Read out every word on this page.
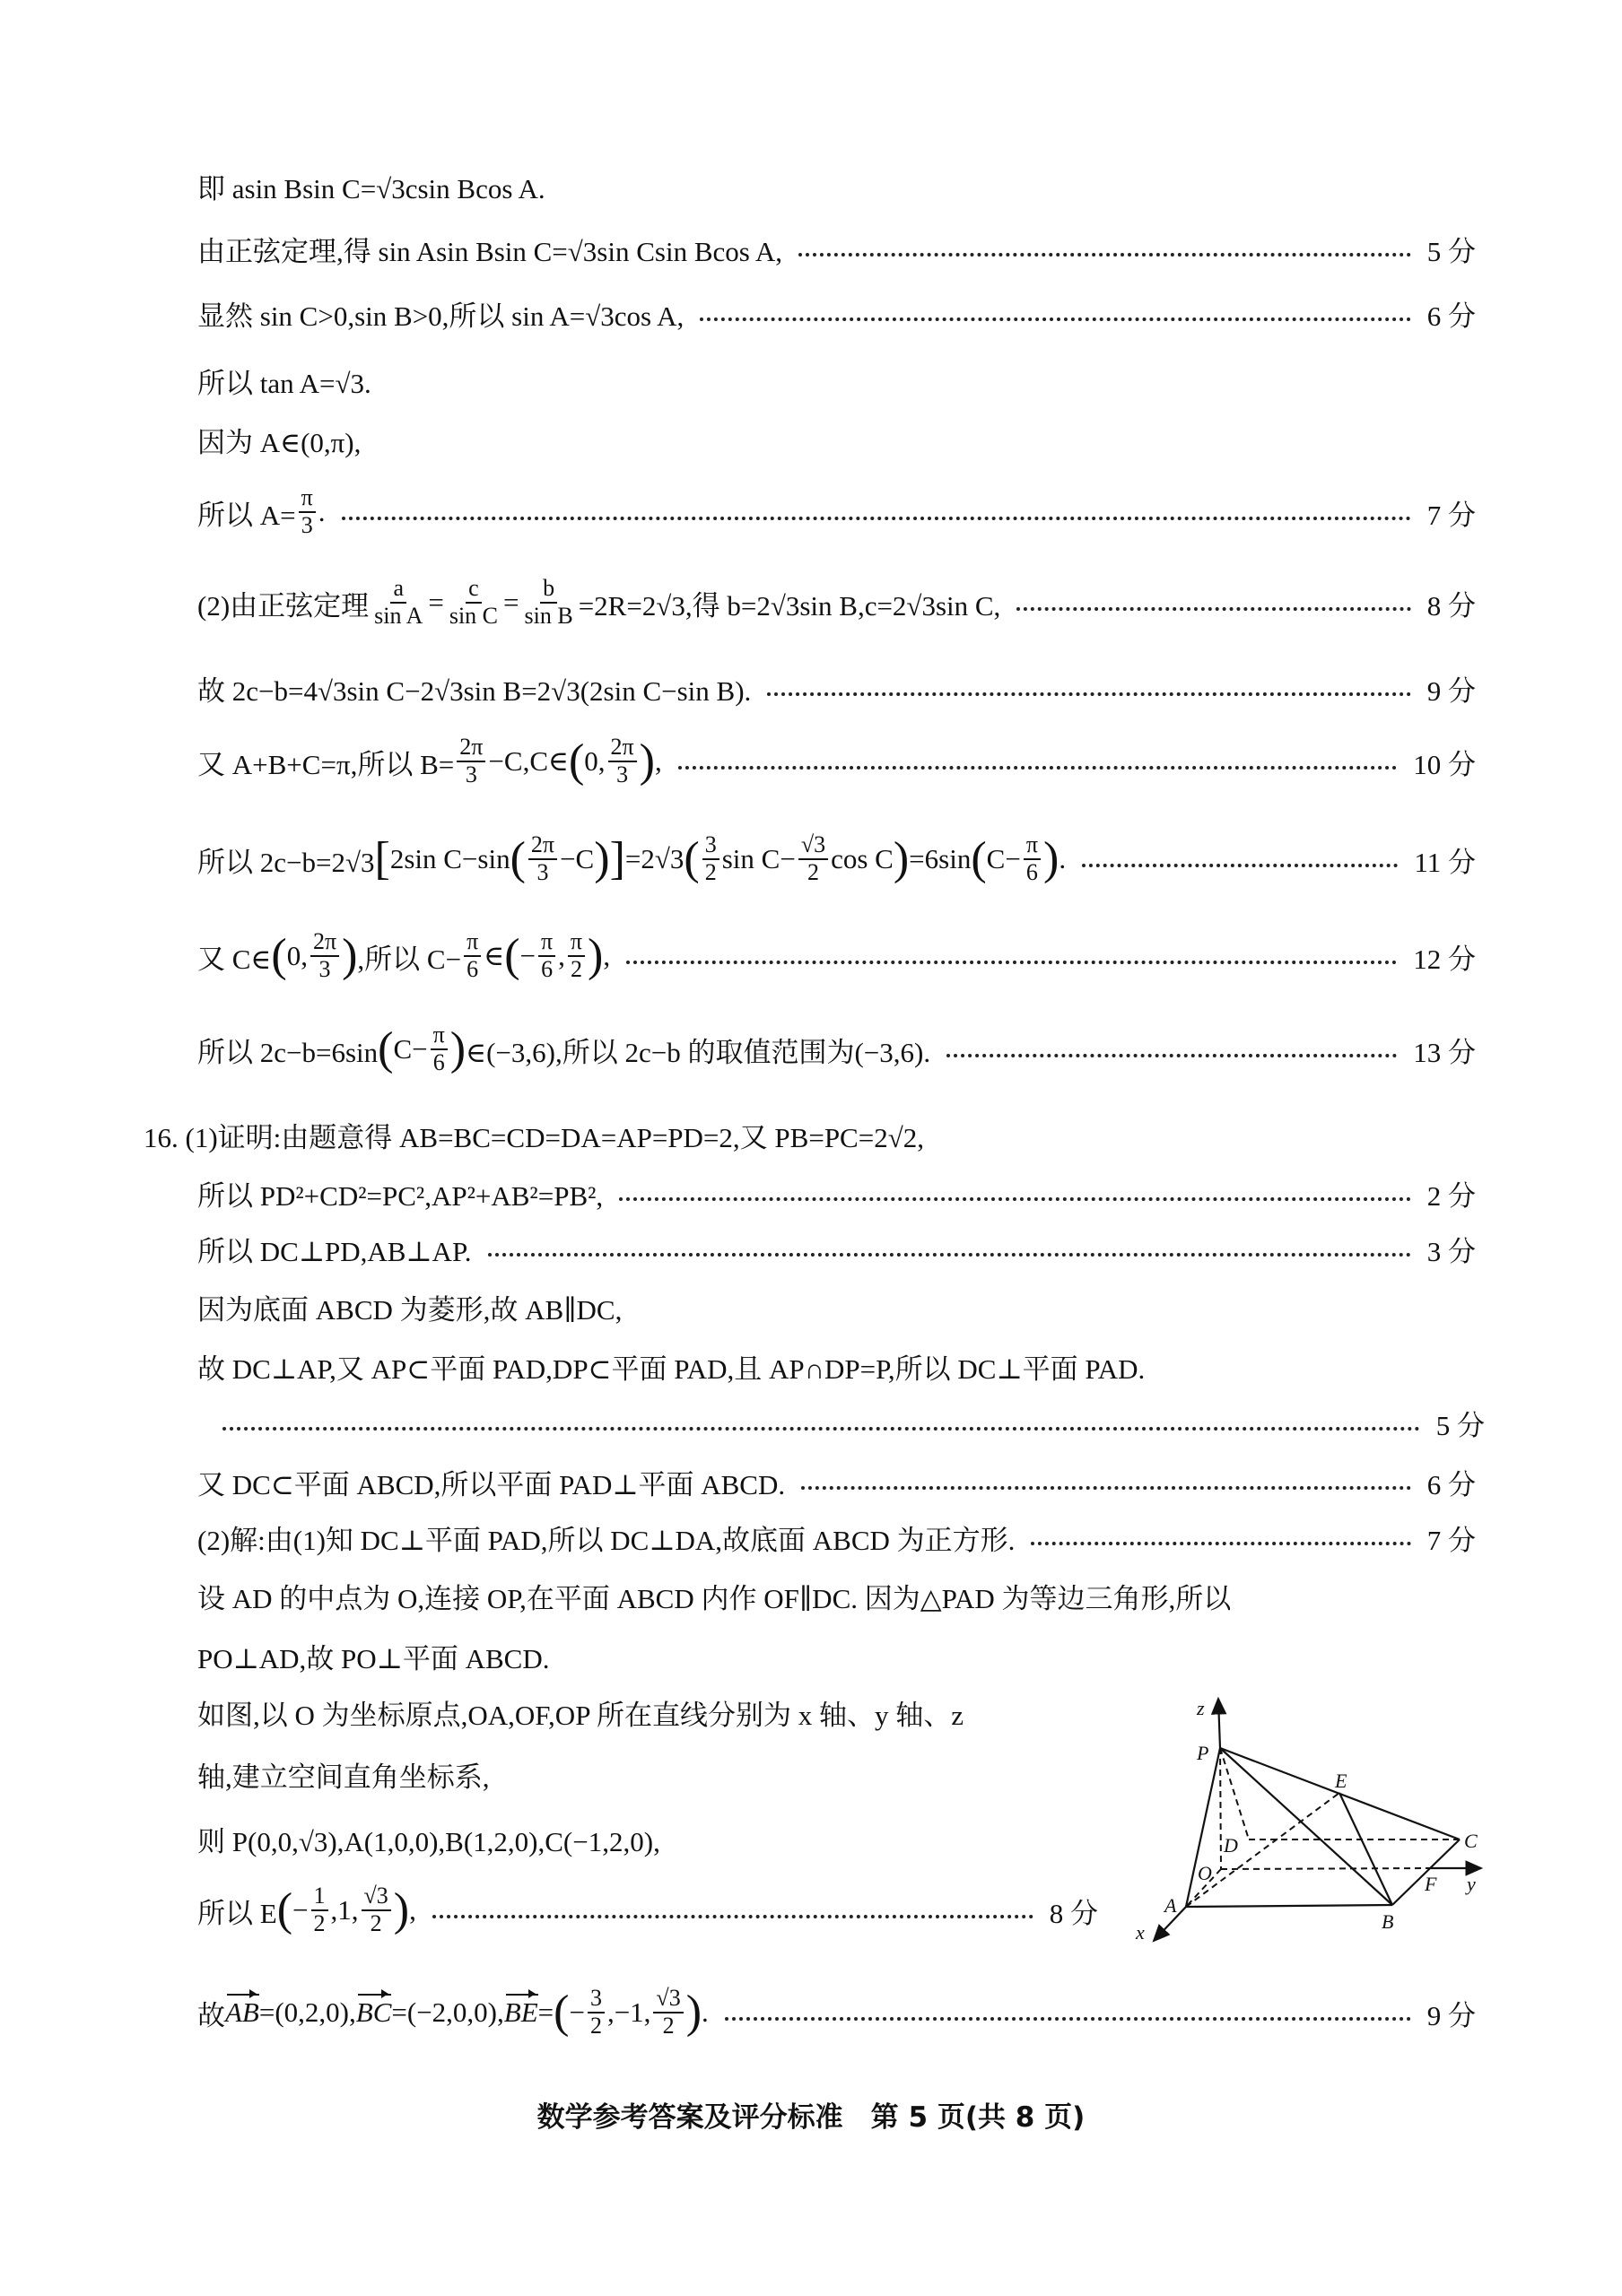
即 asin Bsin C=√3csin Bcos A.
由正弦定理,得 sin Asin Bsin C=√3sin Csin Bcos A,	5 分
显然 sin C>0,sin B>0,所以 sin A=√3cos A,	6 分
所以 tan A=√3.
因为 A∈(0,π),
所以 $A= \frac{\pi}{3}$ .	7 分
(2)由正弦定理 $\frac{a}{\text{sin A}} = \frac{c}{\text{sin C}} = \frac{b}{\text{sin B}} =2R=2√3$,得 b=2√3sin B,c=2√3sin C,	8 分
故 2c−b=4√3sin C−2√3sin B=2√3(2sin C−sin B).	9 分
又 A+B+C=π,所以 $B= \frac{2\pi}{3}$ −C,C∈ ( 0, $\frac{2\pi}{3}$ ) ,	10 分
所以 2c−b=2√3 [ 2sin C−sin ( $\frac{2\pi}{3} -C$ ) ] =2√3 ( $\frac{3}{2}$ $\sin C- \frac{√3}{2}$ cos C ) =6sin ( $C- \frac{\pi}{6}$ ) .	11 分
又 C∈ ( 0, $\frac{2\pi}{3}$ ) ,所以 $C- \frac{\pi}{6}$ ∈ ( − $\frac{\pi}{6}$ , $\frac{\pi}{2}$ ) ,	12 分
所以 2c−b=6sin ( $C- \frac{\pi}{6}$ ) ∈(−3,6),所以 2c−b 的取值范围为(−3,6).	13 分
16. (1)证明:由题意得 AB=BC=CD=DA=AP=PD=2,又 PB=PC=2√2,
所以 PD²+CD²=PC²,AP²+AB²=PB²,	2 分
所以 DC⊥PD,AB⊥AP.	3 分
因为底面 ABCD 为菱形,故 AB∥DC,
故 DC⊥AP,又 AP⊂平面 PAD,DP⊂平面 PAD,且 AP∩DP=P,所以 DC⊥平面 PAD.
5 分
又 DC⊂平面 ABCD,所以平面 PAD⊥平面 ABCD.	6 分
(2)解:由(1)知 DC⊥平面 PAD,所以 DC⊥DA,故底面 ABCD 为正方形.	7 分
设 AD 的中点为 O,连接 OP,在平面 ABCD 内作 OF∥DC. 因为△PAD 为等边三角形,所以
PO⊥AD,故 PO⊥平面 ABCD.
如图,以 O 为坐标原点,OA,OF,OP 所在直线分别为 x 轴、y 轴、z
轴,建立空间直角坐标系,
则 P(0,0,√3),A(1,0,0),B(1,2,0),C(−1,2,0),
所以 E ( − $\frac{1}{2} ,1$, $\frac{√3}{2}$ ) ,	8 分
故 AB =(0,2,0), BC =(−2,0,0), BE = ( − $\frac{3}{2} ,-1$, $\frac{√3}{2}$ ) .	9 分
z
P
E
D
O
C
F y
A
B
x
数学参考答案及评分标准　第 5 页(共 8 页)
